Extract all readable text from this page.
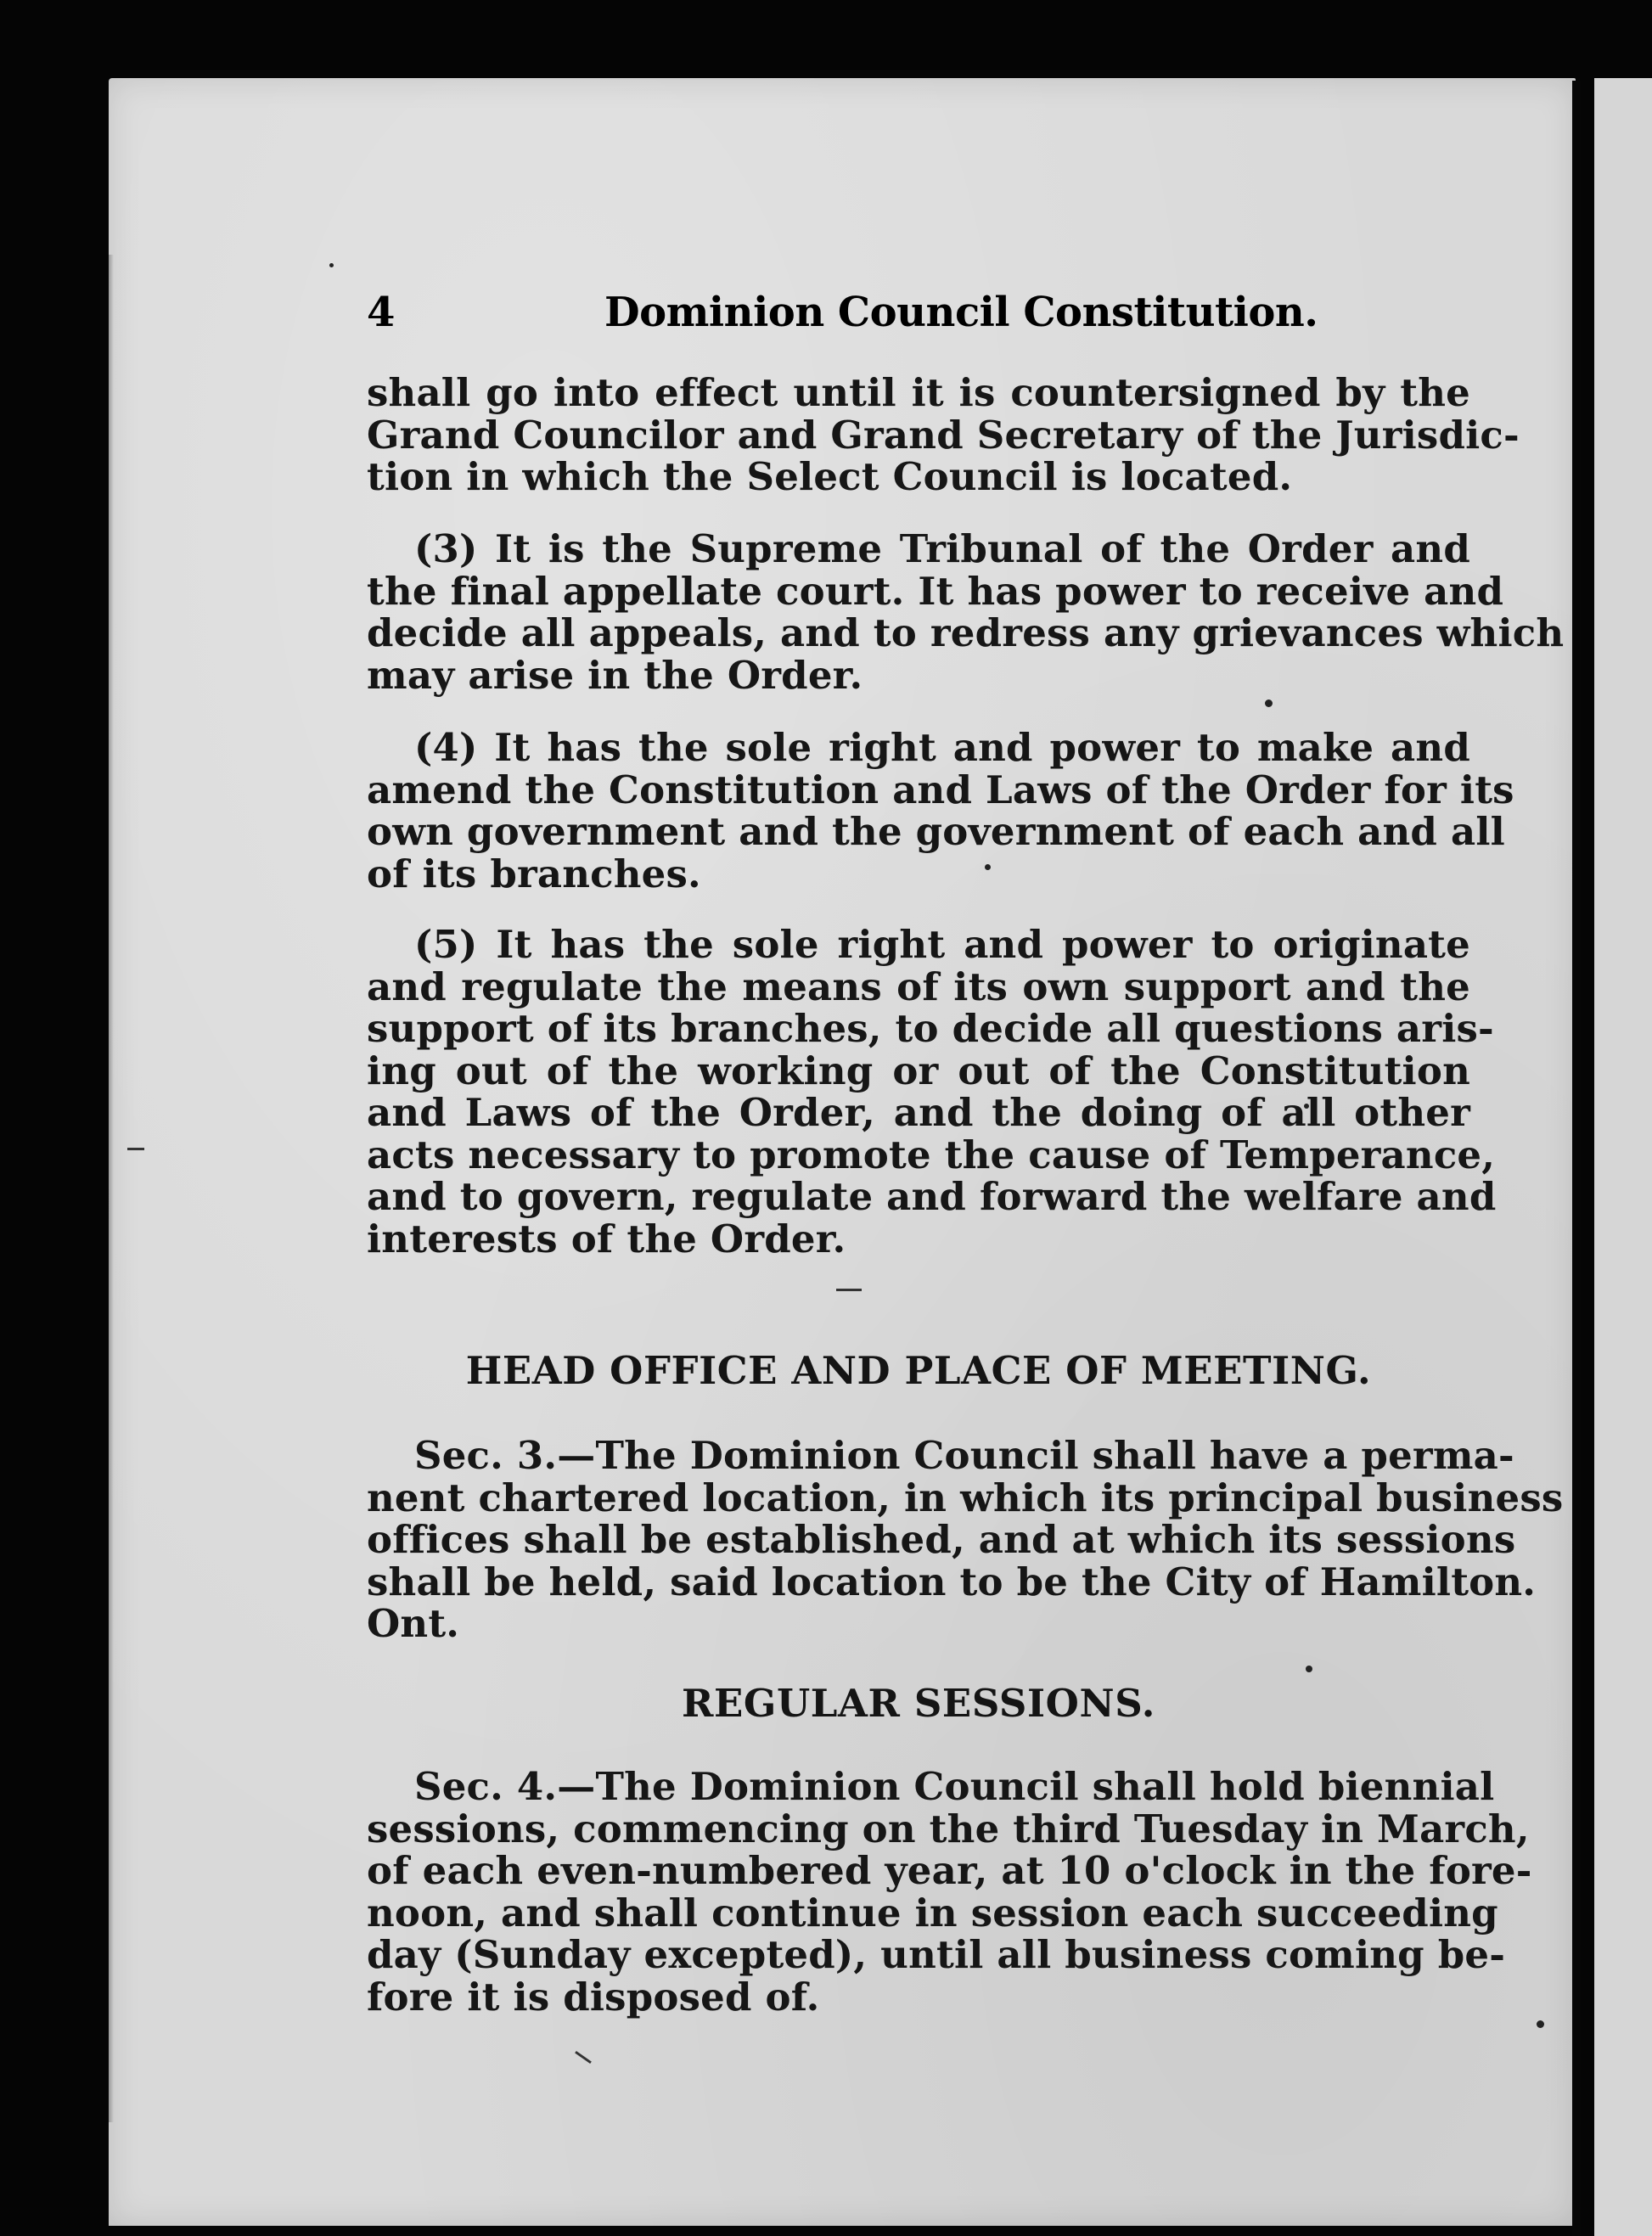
4	Dominion Council Constitution.
shall go into effect until it is countersigned by the
Grand Councilor and Grand Secretary of the Jurisdic-
tion in which the Select Council is located.
(3) It is the Supreme Tribunal of the Order and
the final appellate court. It has power to receive and
decide all appeals, and to redress any grievances which
may arise in the Order.
(4) It has the sole right and power to make and
amend the Constitution and Laws of the Order for its
own government and the government of each and all
of its branches.
(5) It has the sole right and power to originate
and regulate the means of its own support and the
support of its branches, to decide all questions aris-
ing out of the working or out of the Constitution
and Laws of the Order, and the doing of all other
acts necessary to promote the cause of Temperance,
and to govern, regulate and forward the welfare and
interests of the Order.
HEAD OFFICE AND PLACE OF MEETING.
Sec. 3.—The Dominion Council shall have a perma-
nent chartered location, in which its principal business
offices shall be established, and at which its sessions
shall be held, said location to be the City of Hamilton.
Ont.
REGULAR SESSIONS.
Sec. 4.—The Dominion Council shall hold biennial
sessions, commencing on the third Tuesday in March,
of each even-numbered year, at 10 o'clock in the fore-
noon, and shall continue in session each succeeding
day (Sunday excepted), until all business coming be-
fore it is disposed of.
